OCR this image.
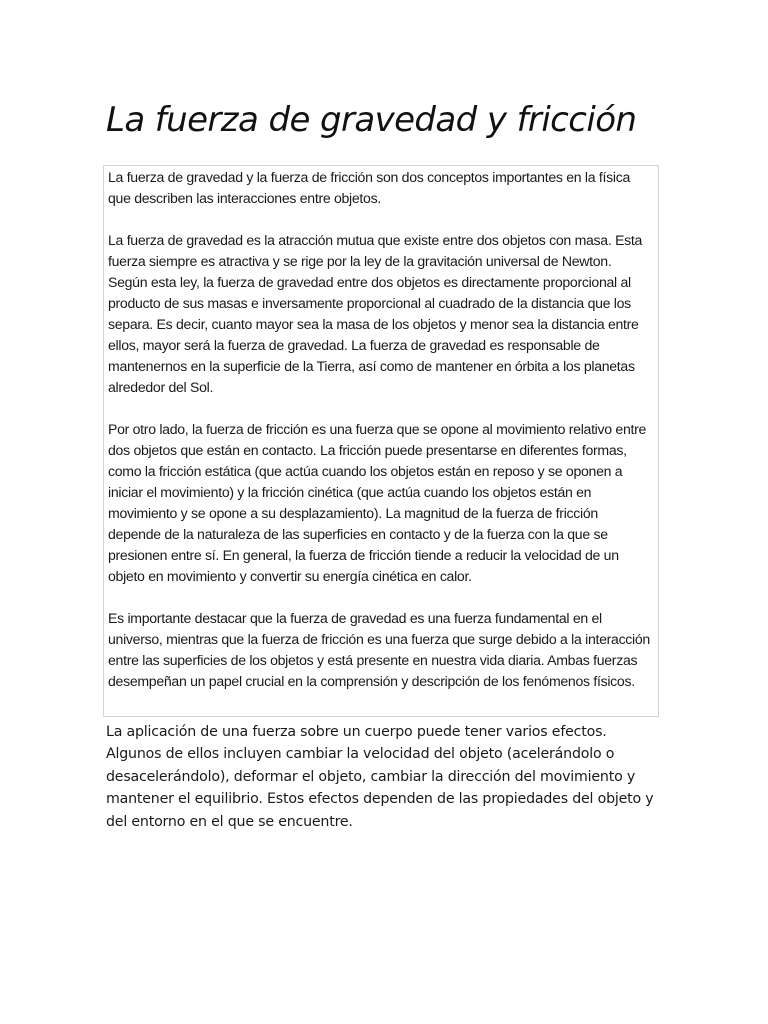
La fuerza de gravedad y fricción

La fuerza de gravedad y la fuerza de fricción son dos conceptos importantes en la física que describen las interacciones entre objetos.

La fuerza de gravedad es la atracción mutua que existe entre dos objetos con masa. Esta fuerza siempre es atractiva y se rige por la ley de la gravitación universal de Newton. Según esta ley, la fuerza de gravedad entre dos objetos es directamente proporcional al producto de sus masas e inversamente proporcional al cuadrado de la distancia que los separa. Es decir, cuanto mayor sea la masa de los objetos y menor sea la distancia entre ellos, mayor será la fuerza de gravedad. La fuerza de gravedad es responsable de mantenernos en la superficie de la Tierra, así como de mantener en órbita a los planetas alrededor del Sol.

Por otro lado, la fuerza de fricción es una fuerza que se opone al movimiento relativo entre dos objetos que están en contacto. La fricción puede presentarse en diferentes formas, como la fricción estática (que actúa cuando los objetos están en reposo y se oponen a iniciar el movimiento) y la fricción cinética (que actúa cuando los objetos están en movimiento y se opone a su desplazamiento). La magnitud de la fuerza de fricción depende de la naturaleza de las superficies en contacto y de la fuerza con la que se presionen entre sí. En general, la fuerza de fricción tiende a reducir la velocidad de un objeto en movimiento y convertir su energía cinética en calor.

Es importante destacar que la fuerza de gravedad es una fuerza fundamental en el universo, mientras que la fuerza de fricción es una fuerza que surge debido a la interacción entre las superficies de los objetos y está presente en nuestra vida diaria. Ambas fuerzas desempeñan un papel crucial en la comprensión y descripción de los fenómenos físicos.

La aplicación de una fuerza sobre un cuerpo puede tener varios efectos. Algunos de ellos incluyen cambiar la velocidad del objeto (acelerándolo o desacelerándolo), deformar el objeto, cambiar la dirección del movimiento y mantener el equilibrio. Estos efectos dependen de las propiedades del objeto y del entorno en el que se encuentre.
